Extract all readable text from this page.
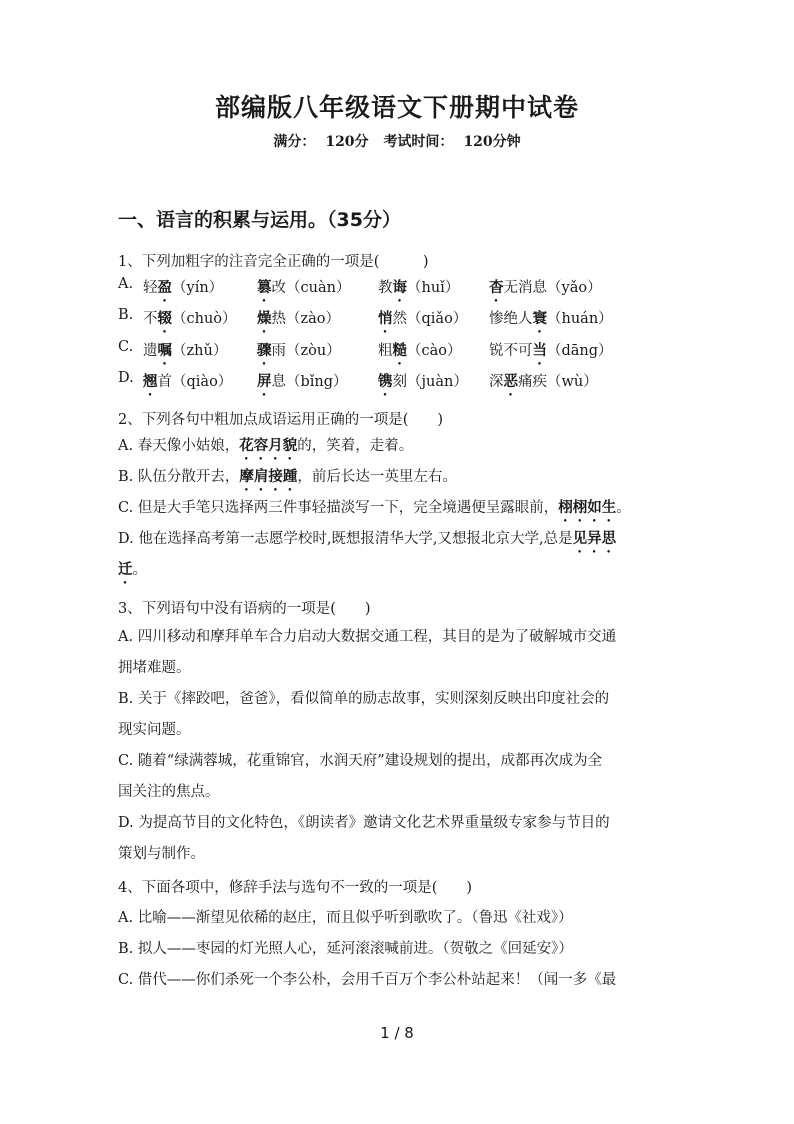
部编版八年级语文下册期中试卷
满分： 120分 考试时间： 120分钟
一、语言的积累与运用。（35分）
1、下列加粗字的注音完全正确的一项是(　　　)
A. 轻盈（yín） 篡改（cuàn） 教诲（huǐ） 杳无消息（yǎo）
B. 不辍（chuò） 燥热（zào）	悄然（qiǎo） 惨绝人寰（huán）
C. 遗嘱（zhǔ） 骤雨（zòu）	粗糙（cào） 锐不可当（dāng）
D. 翘首（qiào） 屏息（bǐng） 镌刻（juàn） 深恶痛疾（wù）
2、下列各句中粗加点成语运用正确的一项是(　　)
A. 春天像小姑娘，花容月貌的，笑着，走着。
B. 队伍分散开去，摩肩接踵，前后长达一英里左右。
C. 但是大手笔只选择两三件事轻描淡写一下，完全境遇便呈露眼前，栩栩如生。
D. 他在选择高考第一志愿学校时,既想报清华大学,又想报北京大学,总是见异思
迁。
3、下列语句中没有语病的一项是(　　)
A. 四川移动和摩拜单车合力启动大数据交通工程，其目的是为了破解城市交通
拥堵难题。
B. 关于《摔跤吧，爸爸》，看似简单的励志故事，实则深刻反映出印度社会的
现实问题。
C. 随着“绿满蓉城，花重锦官，水润天府”建设规划的提出，成都再次成为全
国关注的焦点。
D. 为提高节目的文化特色，《朗读者》邀请文化艺术界重量级专家参与节目的
策划与制作。
4、下面各项中，修辞手法与选句不一致的一项是(　　)
A. 比喻——渐望见依稀的赵庄，而且似乎听到歌吹了。（鲁迅《社戏》）
B. 拟人——枣园的灯光照人心，延河滚滚喊前进。（贺敬之《回延安》）
C. 借代——你们杀死一个李公朴，会用千百万个李公朴站起来！（闻一多《最
1 / 8
